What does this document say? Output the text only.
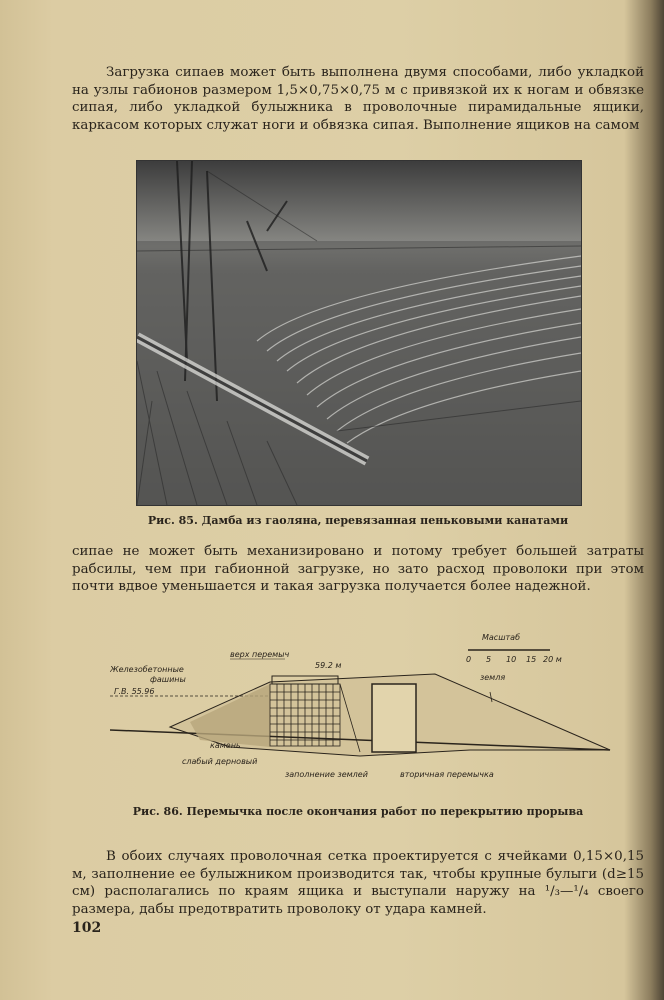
Загрузка сипаев может быть выполнена двумя способами, либо укладкой на узлы габионов размером 1,5×0,75×0,75 м с привязкой их к ногам и обвязке сипая, либо укладкой булыжника в проволочные пирамидальные ящики, каркасом которых служат ноги и обвязка сипая. Выполнение ящиков на самом
Рис. 85. Дамба из гаоляна, перевязанная пеньковыми канатами
сипае не может быть механизировано и потому требует большей затраты рабсилы, чем при габионной загрузке, но зато расход проволоки при этом почти вдвое уменьшается и такая загрузка получается более надежной.
Масштаб
0 5 10 15 20 м
верх перемыч
59.2 м
Железобетонные
фашины
Г.В. 55.96
земля
камень
слабый дерновый
заполнение землей	вторичная перемычка
Рис. 86. Перемычка после окончания работ по перекрытию прорыва
В обоих случаях проволочная сетка проектируется с ячейками 0,15×0,15 м, заполнение ее булыжником производится так, чтобы крупные булыги (d≥15 см) располагались по краям ящика и выступали наружу на ¹/₃—¹/₄ своего размера, дабы предотвратить проволоку от удара камней.
102
